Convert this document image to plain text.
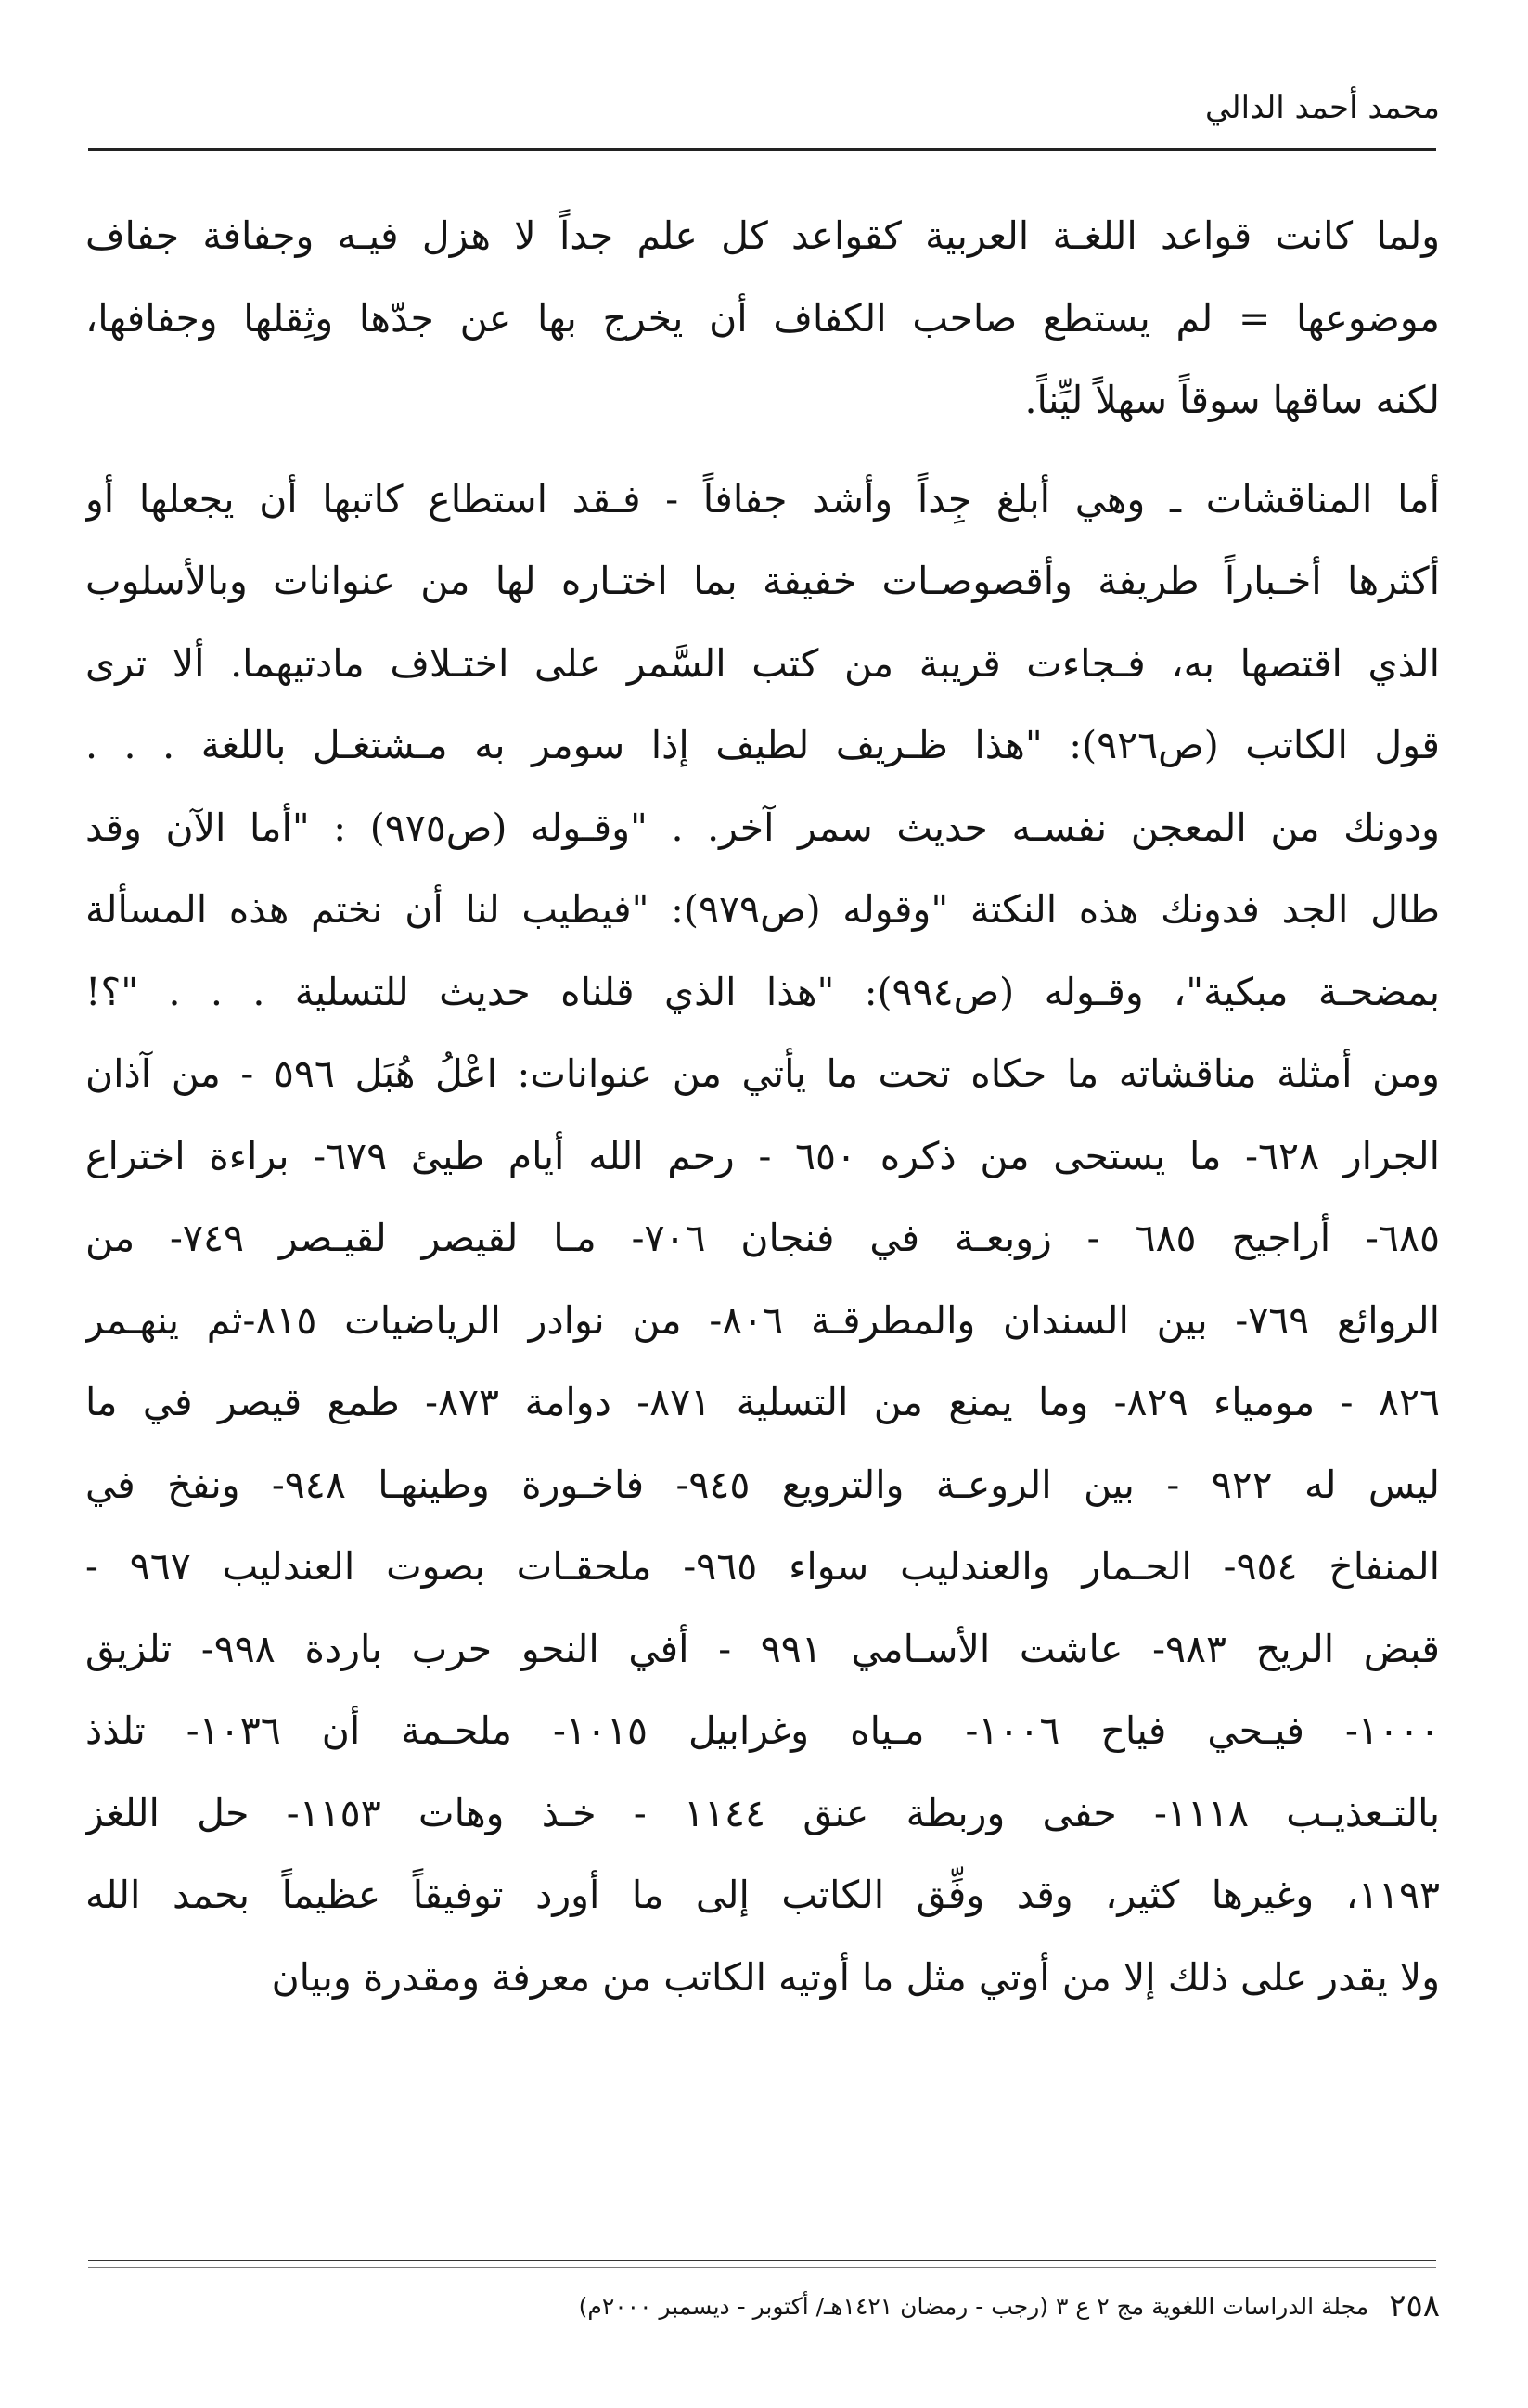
محمد أحمد الدالي

ولما كانت قواعد اللغـة العربية كقواعد كل علم جداً لا هزل فيـه وجفافة جفاف
موضوعها = لم يستطع صاحب الكفاف أن يخرج بها عن جدّها وثِقلها وجفافها،
لكنه ساقها سوقاً سهلاً ليِّناً.

أما المناقشات ـ وهي أبلغ جِداً وأشد جفافاً - فـقد استطاع كاتبها أن يجعلها أو
أكثرها أخـباراً طريفة وأقصوصـات خفيفة بما اختـاره لها من عنوانات وبالأسلوب
الذي اقتصها به، فـجاءت قريبة من كتب السَّمر على اختـلاف مادتيهما. ألا ترى
قول الكاتب (ص٩٢٦): "هذا ظـريف لطيف إذا سومر به مـشتغـل باللغة . . .
ودونك من المعجن نفسـه حديث سمر آخر. . "وقـوله (ص٩٧٥) : "أما الآن وقد
طال الجد فدونك هذه النكتة "وقوله (ص٩٧٩): "فيطيب لنا أن نختم هذه المسألة
بمضحـة مبكية"، وقـوله (ص٩٩٤): "هذا الذي قلناه حديث للتسلية . . . "؟!
ومن أمثلة مناقشاته ما حكاه تحت ما يأتي من عنوانات: اعْلُ هُبَل ٥٩٦ - من آذان
الجرار ٦٢٨- ما يستحى من ذكره ٦٥٠ - رحم الله أيام طيئ ٦٧٩- براءة اختراع
٦٨٥- أراجيح ٦٨٥ - زوبعـة في فنجان ٧٠٦- مـا لقيصر لقيـصر ٧٤٩- من
الروائع ٧٦٩- بين السندان والمطرقـة ٨٠٦- من نوادر الرياضيات ٨١٥-ثم ينهـمر
٨٢٦ - مومياء ٨٢٩- وما يمنع من التسلية ٨٧١- دوامة ٨٧٣- طمع قيصر في ما
ليس له ٩٢٢ - بين الروعـة والترويع ٩٤٥- فاخـورة وطينهـا ٩٤٨- ونفخ في
المنفاخ ٩٥٤- الحـمار والعندليب سواء ٩٦٥- ملحقـات بصوت العندليب ٩٦٧ -
قبض الريح ٩٨٣- عاشت الأسـامي ٩٩١ - أفي النحو حرب باردة ٩٩٨- تلزيق
١٠٠٠- فيـحي فياح ١٠٠٦- مـياه وغرابيل ١٠١٥- ملحـمة أن ١٠٣٦- تلذذ
بالتـعذيـب ١١١٨- حفى وربطة عنق ١١٤٤ - خـذ وهات ١١٥٣- حل اللغز
١١٩٣، وغيرها كثير، وقد وفِّق الكاتب إلى ما أورد توفيقاً عظيماً بحمد الله
ولا يقدر على ذلك إلا من أوتي مثل ما أوتيه الكاتب من معرفة ومقدرة وبيان

٢٥٨
مجلة الدراسات اللغوية مج ٢ ع ٣ (رجب - رمضان ١٤٢١هـ/ أكتوبر - ديسمبر ٢٠٠٠م)
